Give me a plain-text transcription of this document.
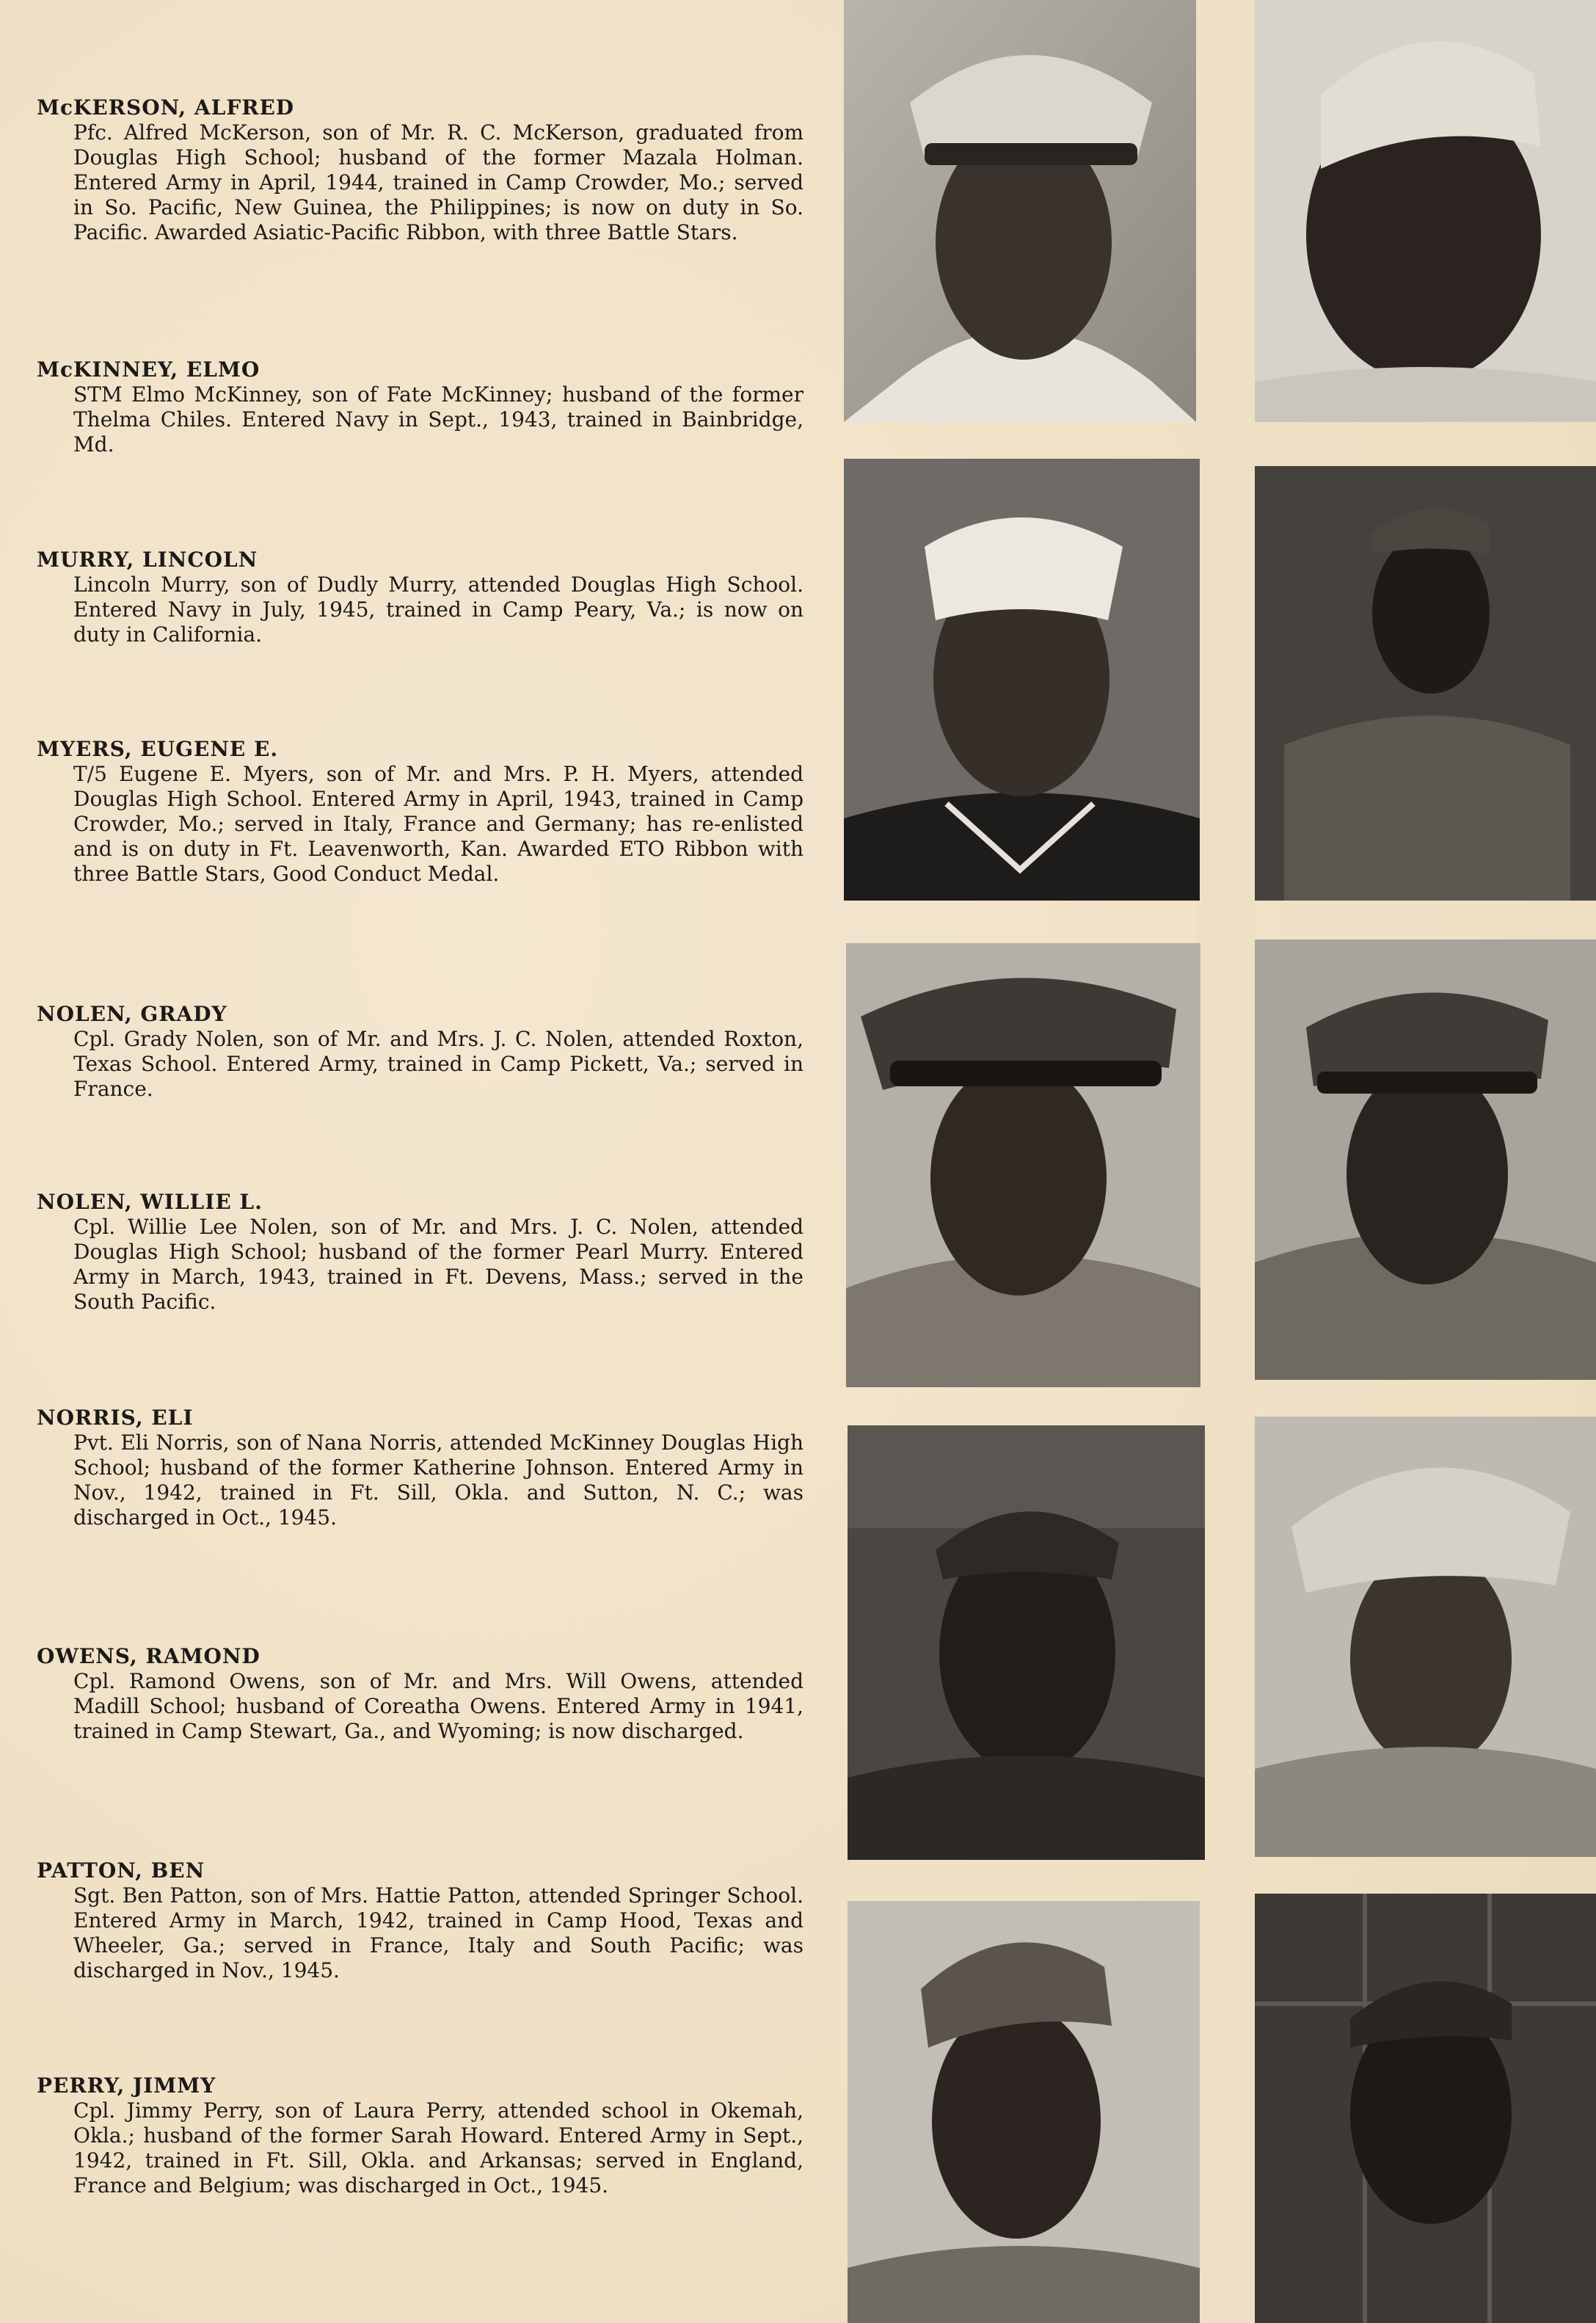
McKERSON, ALFRED

Pfc. Alfred McKerson, son of Mr. R. C. McKerson, graduated from Douglas High School; husband of the former Mazala Holman. Entered Army in April, 1944, trained in Camp Crowder, Mo.; served in So. Pacific, New Guinea, the Philippines; is now on duty in So. Pacific. Awarded Asiatic-Pacific Ribbon, with three Battle Stars.

McKINNEY, ELMO

STM Elmo McKinney, son of Fate McKinney; husband of the former Thelma Chiles. Entered Navy in Sept., 1943, trained in Bainbridge, Md.

MURRY, LINCOLN

Lincoln Murry, son of Dudly Murry, attended Douglas High School. Entered Navy in July, 1945, trained in Camp Peary, Va.; is now on duty in California.

MYERS, EUGENE E.

T/5 Eugene E. Myers, son of Mr. and Mrs. P. H. Myers, attended Douglas High School. Entered Army in April, 1943, trained in Camp Crowder, Mo.; served in Italy, France and Germany; has re-enlisted and is on duty in Ft. Leavenworth, Kan. Awarded ETO Ribbon with three Battle Stars, Good Conduct Medal.

NOLEN, GRADY

Cpl. Grady Nolen, son of Mr. and Mrs. J. C. Nolen, attended Roxton, Texas School. Entered Army, trained in Camp Pickett, Va.; served in France.

NOLEN, WILLIE L.

Cpl. Willie Lee Nolen, son of Mr. and Mrs. J. C. Nolen, attended Douglas High School; husband of the former Pearl Murry. Entered Army in March, 1943, trained in Ft. Devens, Mass.; served in the South Pacific.

NORRIS, ELI

Pvt. Eli Norris, son of Nana Norris, attended McKinney Douglas High School; husband of the former Katherine Johnson. Entered Army in Nov., 1942, trained in Ft. Sill, Okla. and Sutton, N. C.; was discharged in Oct., 1945.

OWENS, RAMOND

Cpl. Ramond Owens, son of Mr. and Mrs. Will Owens, attended Madill School; husband of Coreatha Owens. Entered Army in 1941, trained in Camp Stewart, Ga., and Wyoming; is now discharged.

PATTON, BEN

Sgt. Ben Patton, son of Mrs. Hattie Patton, attended Springer School. Entered Army in March, 1942, trained in Camp Hood, Texas and Wheeler, Ga.; served in France, Italy and South Pacific; was discharged in Nov., 1945.

PERRY, JIMMY

Cpl. Jimmy Perry, son of Laura Perry, attended school in Okemah, Okla.; husband of the former Sarah Howard. Entered Army in Sept., 1942, trained in Ft. Sill, Okla. and Arkansas; served in England, France and Belgium; was discharged in Oct., 1945.
